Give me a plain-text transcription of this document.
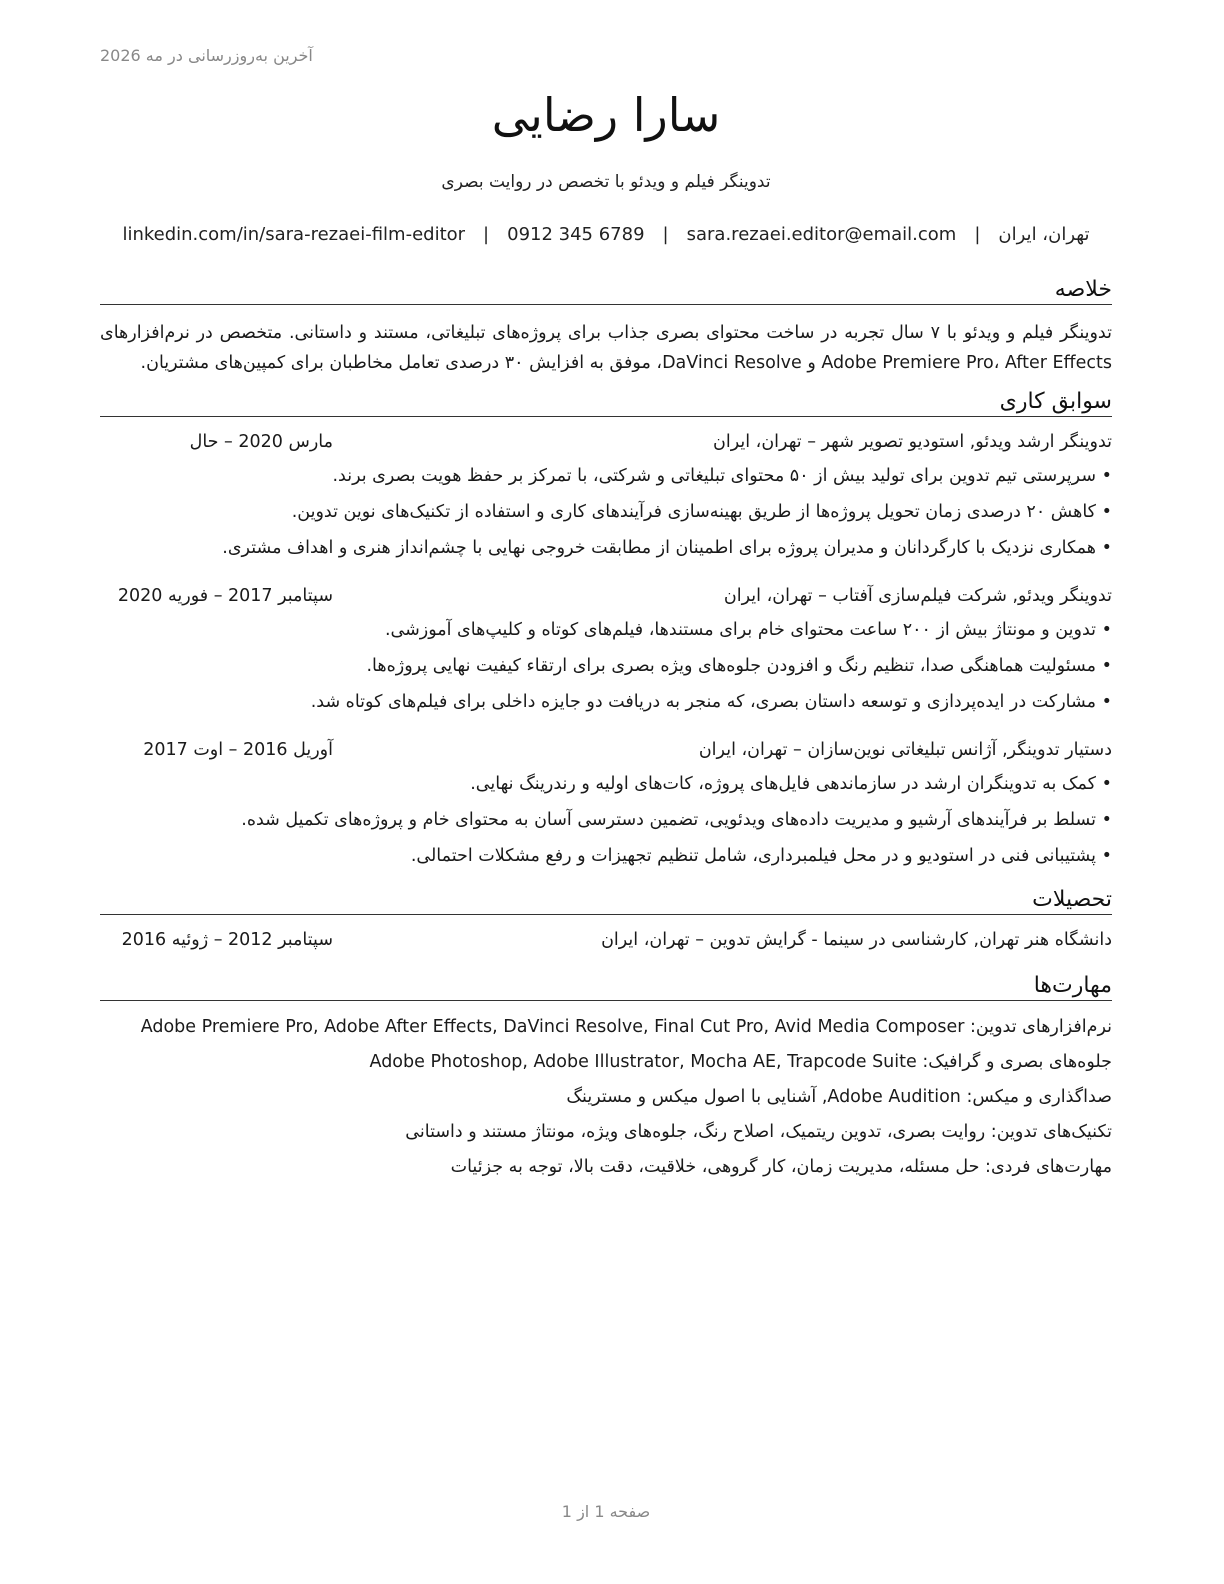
آخرین به‌روزرسانی در مه 2026
سارا رضایی
تدوینگر فیلم و ویدئو با تخصص در روایت بصری
تهران، ایران
|
sara.rezaei.editor@email.com
|
0912 345 6789
|
linkedin.com/in/sara-rezaei-film-editor
خلاصه
تدوینگر فیلم و ویدئو با ۷ سال تجربه در ساخت محتوای بصری جذاب برای پروژه‌های تبلیغاتی، مستند و داستانی. متخصص در نرم‌افزارهای Adobe Premiere Pro، After Effects و DaVinci Resolve، موفق به افزایش ۳۰ درصدی تعامل مخاطبان برای کمپین‌های مشتریان.
سوابق کاری
تدوینگر ارشد ویدئو, استودیو تصویر شهر – تهران، ایران
مارس 2020 – حال
•
سرپرستی تیم تدوین برای تولید بیش از ۵۰ محتوای تبلیغاتی و شرکتی، با تمرکز بر حفظ هویت بصری برند.
•
کاهش ۲۰ درصدی زمان تحویل پروژه‌ها از طریق بهینه‌سازی فرآیندهای کاری و استفاده از تکنیک‌های نوین تدوین.
•
همکاری نزدیک با کارگردانان و مدیران پروژه برای اطمینان از مطابقت خروجی نهایی با چشم‌انداز هنری و اهداف مشتری.
تدوینگر ویدئو, شرکت فیلم‌سازی آفتاب – تهران، ایران
سپتامبر 2017 – فوریه 2020
•
تدوین و مونتاژ بیش از ۲۰۰ ساعت محتوای خام برای مستندها، فیلم‌های کوتاه و کلیپ‌های آموزشی.
•
مسئولیت هماهنگی صدا، تنظیم رنگ و افزودن جلوه‌های ویژه بصری برای ارتقاء کیفیت نهایی پروژه‌ها.
•
مشارکت در ایده‌پردازی و توسعه داستان بصری، که منجر به دریافت دو جایزه داخلی برای فیلم‌های کوتاه شد.
دستیار تدوینگر, آژانس تبلیغاتی نوین‌سازان – تهران، ایران
آوریل 2016 – اوت 2017
•
کمک به تدوینگران ارشد در سازماندهی فایل‌های پروژه، کات‌های اولیه و رندرینگ نهایی.
•
تسلط بر فرآیندهای آرشیو و مدیریت داده‌های ویدئویی، تضمین دسترسی آسان به محتوای خام و پروژه‌های تکمیل شده.
•
پشتیبانی فنی در استودیو و در محل فیلمبرداری، شامل تنظیم تجهیزات و رفع مشکلات احتمالی.
تحصیلات
دانشگاه هنر تهران, کارشناسی در سینما - گرایش تدوین – تهران، ایران
سپتامبر 2012 – ژوئیه 2016
مهارت‌ها
نرم‌افزارهای تدوین: Adobe Premiere Pro, Adobe After Effects, DaVinci Resolve, Final Cut Pro, Avid Media Composer
جلوه‌های بصری و گرافیک: Adobe Photoshop, Adobe Illustrator, Mocha AE, Trapcode Suite
صداگذاری و میکس: Adobe Audition, آشنایی با اصول میکس و مسترینگ
تکنیک‌های تدوین: روایت بصری، تدوین ریتمیک، اصلاح رنگ، جلوه‌های ویژه، مونتاژ مستند و داستانی
مهارت‌های فردی: حل مسئله، مدیریت زمان، کار گروهی، خلاقیت، دقت بالا، توجه به جزئیات
صفحه 1 از 1
